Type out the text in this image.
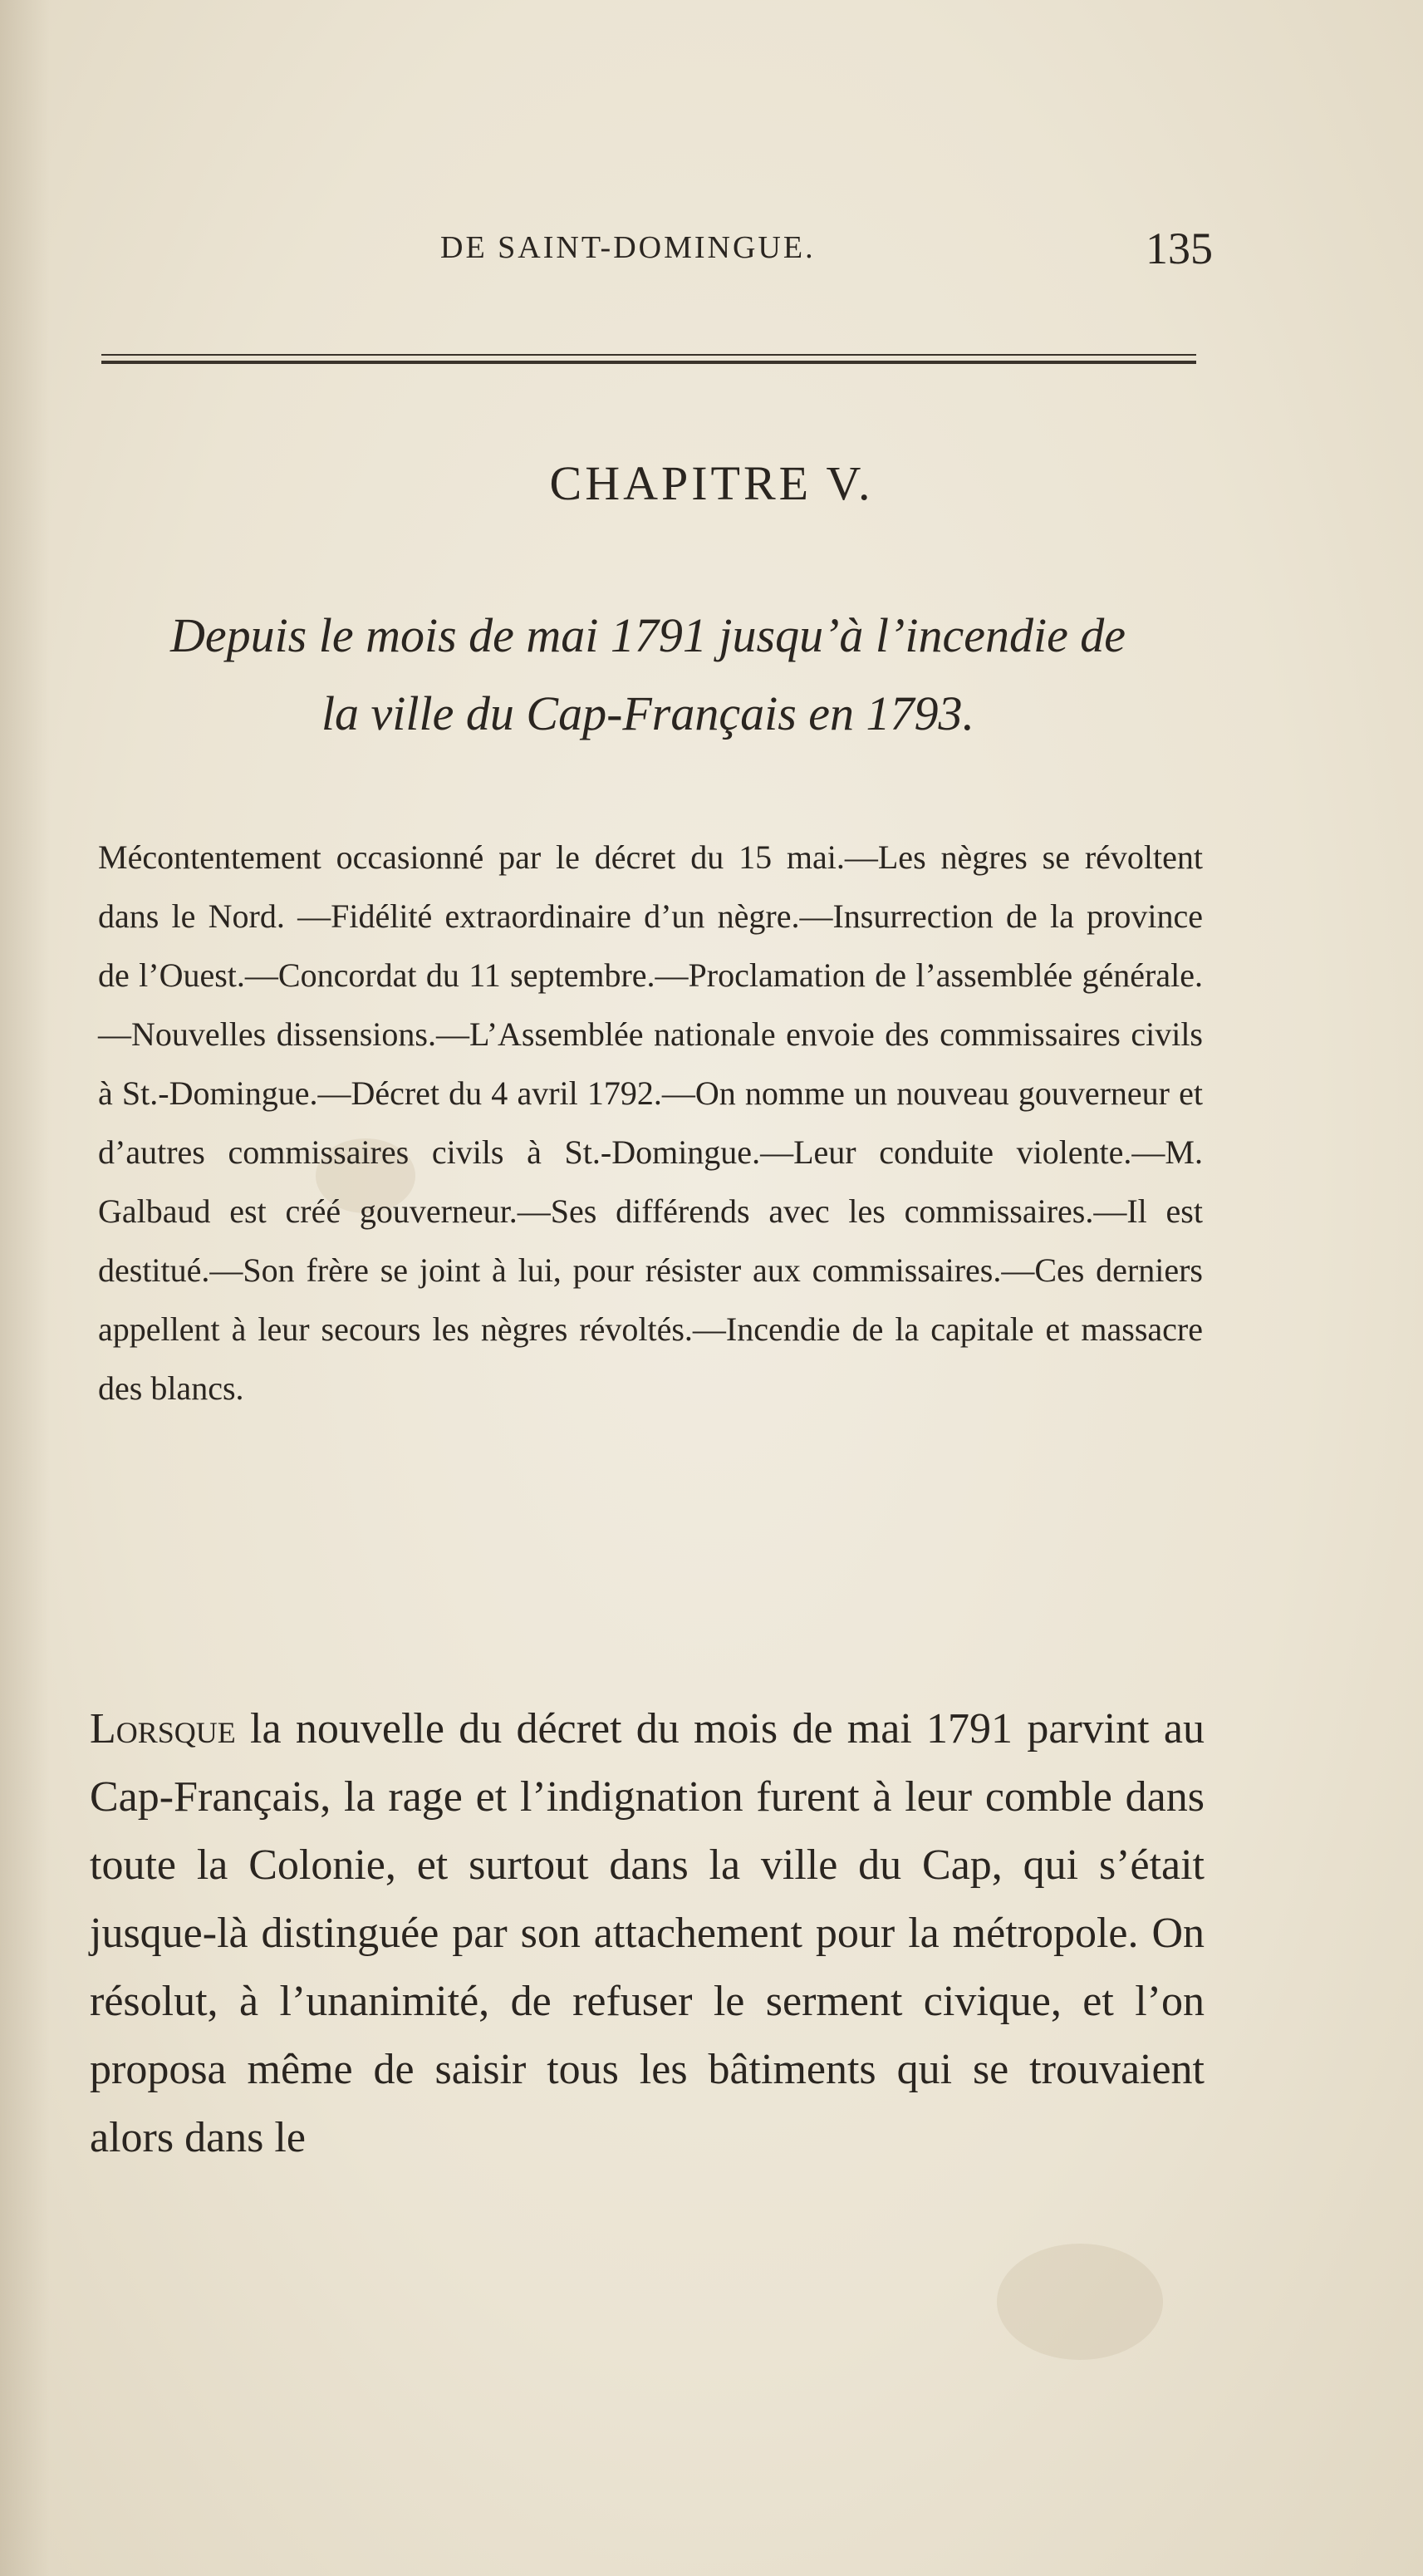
DE SAINT-DOMINGUE.	135
CHAPITRE V.
Depuis le mois de mai 1791 jusqu’à l’incendie de
la ville du Cap-Français en 1793.
Mécontentement occasionné par le décret du 15 mai.—Les nègres se révoltent dans le Nord. —Fidélité extraordinaire d’un nègre.—Insurrection de la province de l’Ouest.—Concordat du 11 septembre.—Proclamation de l’assemblée générale.—Nouvelles dissensions.—L’Assemblée nationale envoie des commissaires civils à St.-Domingue.—Décret du 4 avril 1792.—On nomme un nouveau gouverneur et d’autres commissaires civils à St.-Domingue.—Leur conduite violente.—M. Galbaud est créé gouverneur.—Ses différends avec les commissaires.—Il est destitué.—Son frère se joint à lui, pour résister aux commissaires.—Ces derniers appellent à leur secours les nègres révoltés.—Incendie de la capitale et massacre des blancs.
Lorsque la nouvelle du décret du mois de mai 1791 parvint au Cap-Français, la rage et l’indignation furent à leur comble dans toute la Colonie, et surtout dans la ville du Cap, qui s’était jusque-là distinguée par son attachement pour la métropole. On résolut, à l’unanimité, de refuser le serment civique, et l’on proposa même de saisir tous les bâtiments qui se trouvaient alors dans le
